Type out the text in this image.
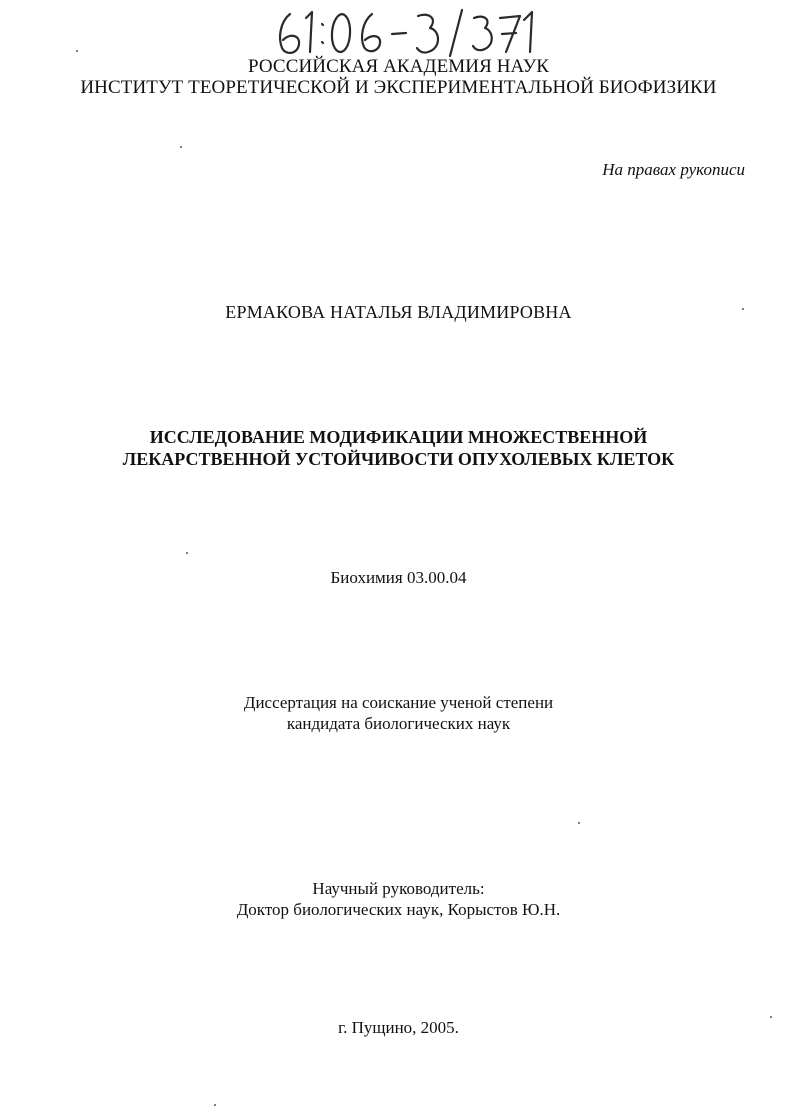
РОССИЙСКАЯ АКАДЕМИЯ НАУК
ИНСТИТУТ ТЕОРЕТИЧЕСКОЙ И ЭКСПЕРИМЕНТАЛЬНОЙ БИОФИЗИКИ
На правах рукописи
ЕРМАКОВА НАТАЛЬЯ ВЛАДИМИРОВНА
ИССЛЕДОВАНИЕ МОДИФИКАЦИИ МНОЖЕСТВЕННОЙ
ЛЕКАРСТВЕННОЙ УСТОЙЧИВОСТИ ОПУХОЛЕВЫХ КЛЕТОК
Биохимия 03.00.04
Диссертация на соискание ученой степени
кандидата биологических наук
Научный руководитель:
Доктор биологических наук, Корыстов Ю.Н.
г. Пущино, 2005.
